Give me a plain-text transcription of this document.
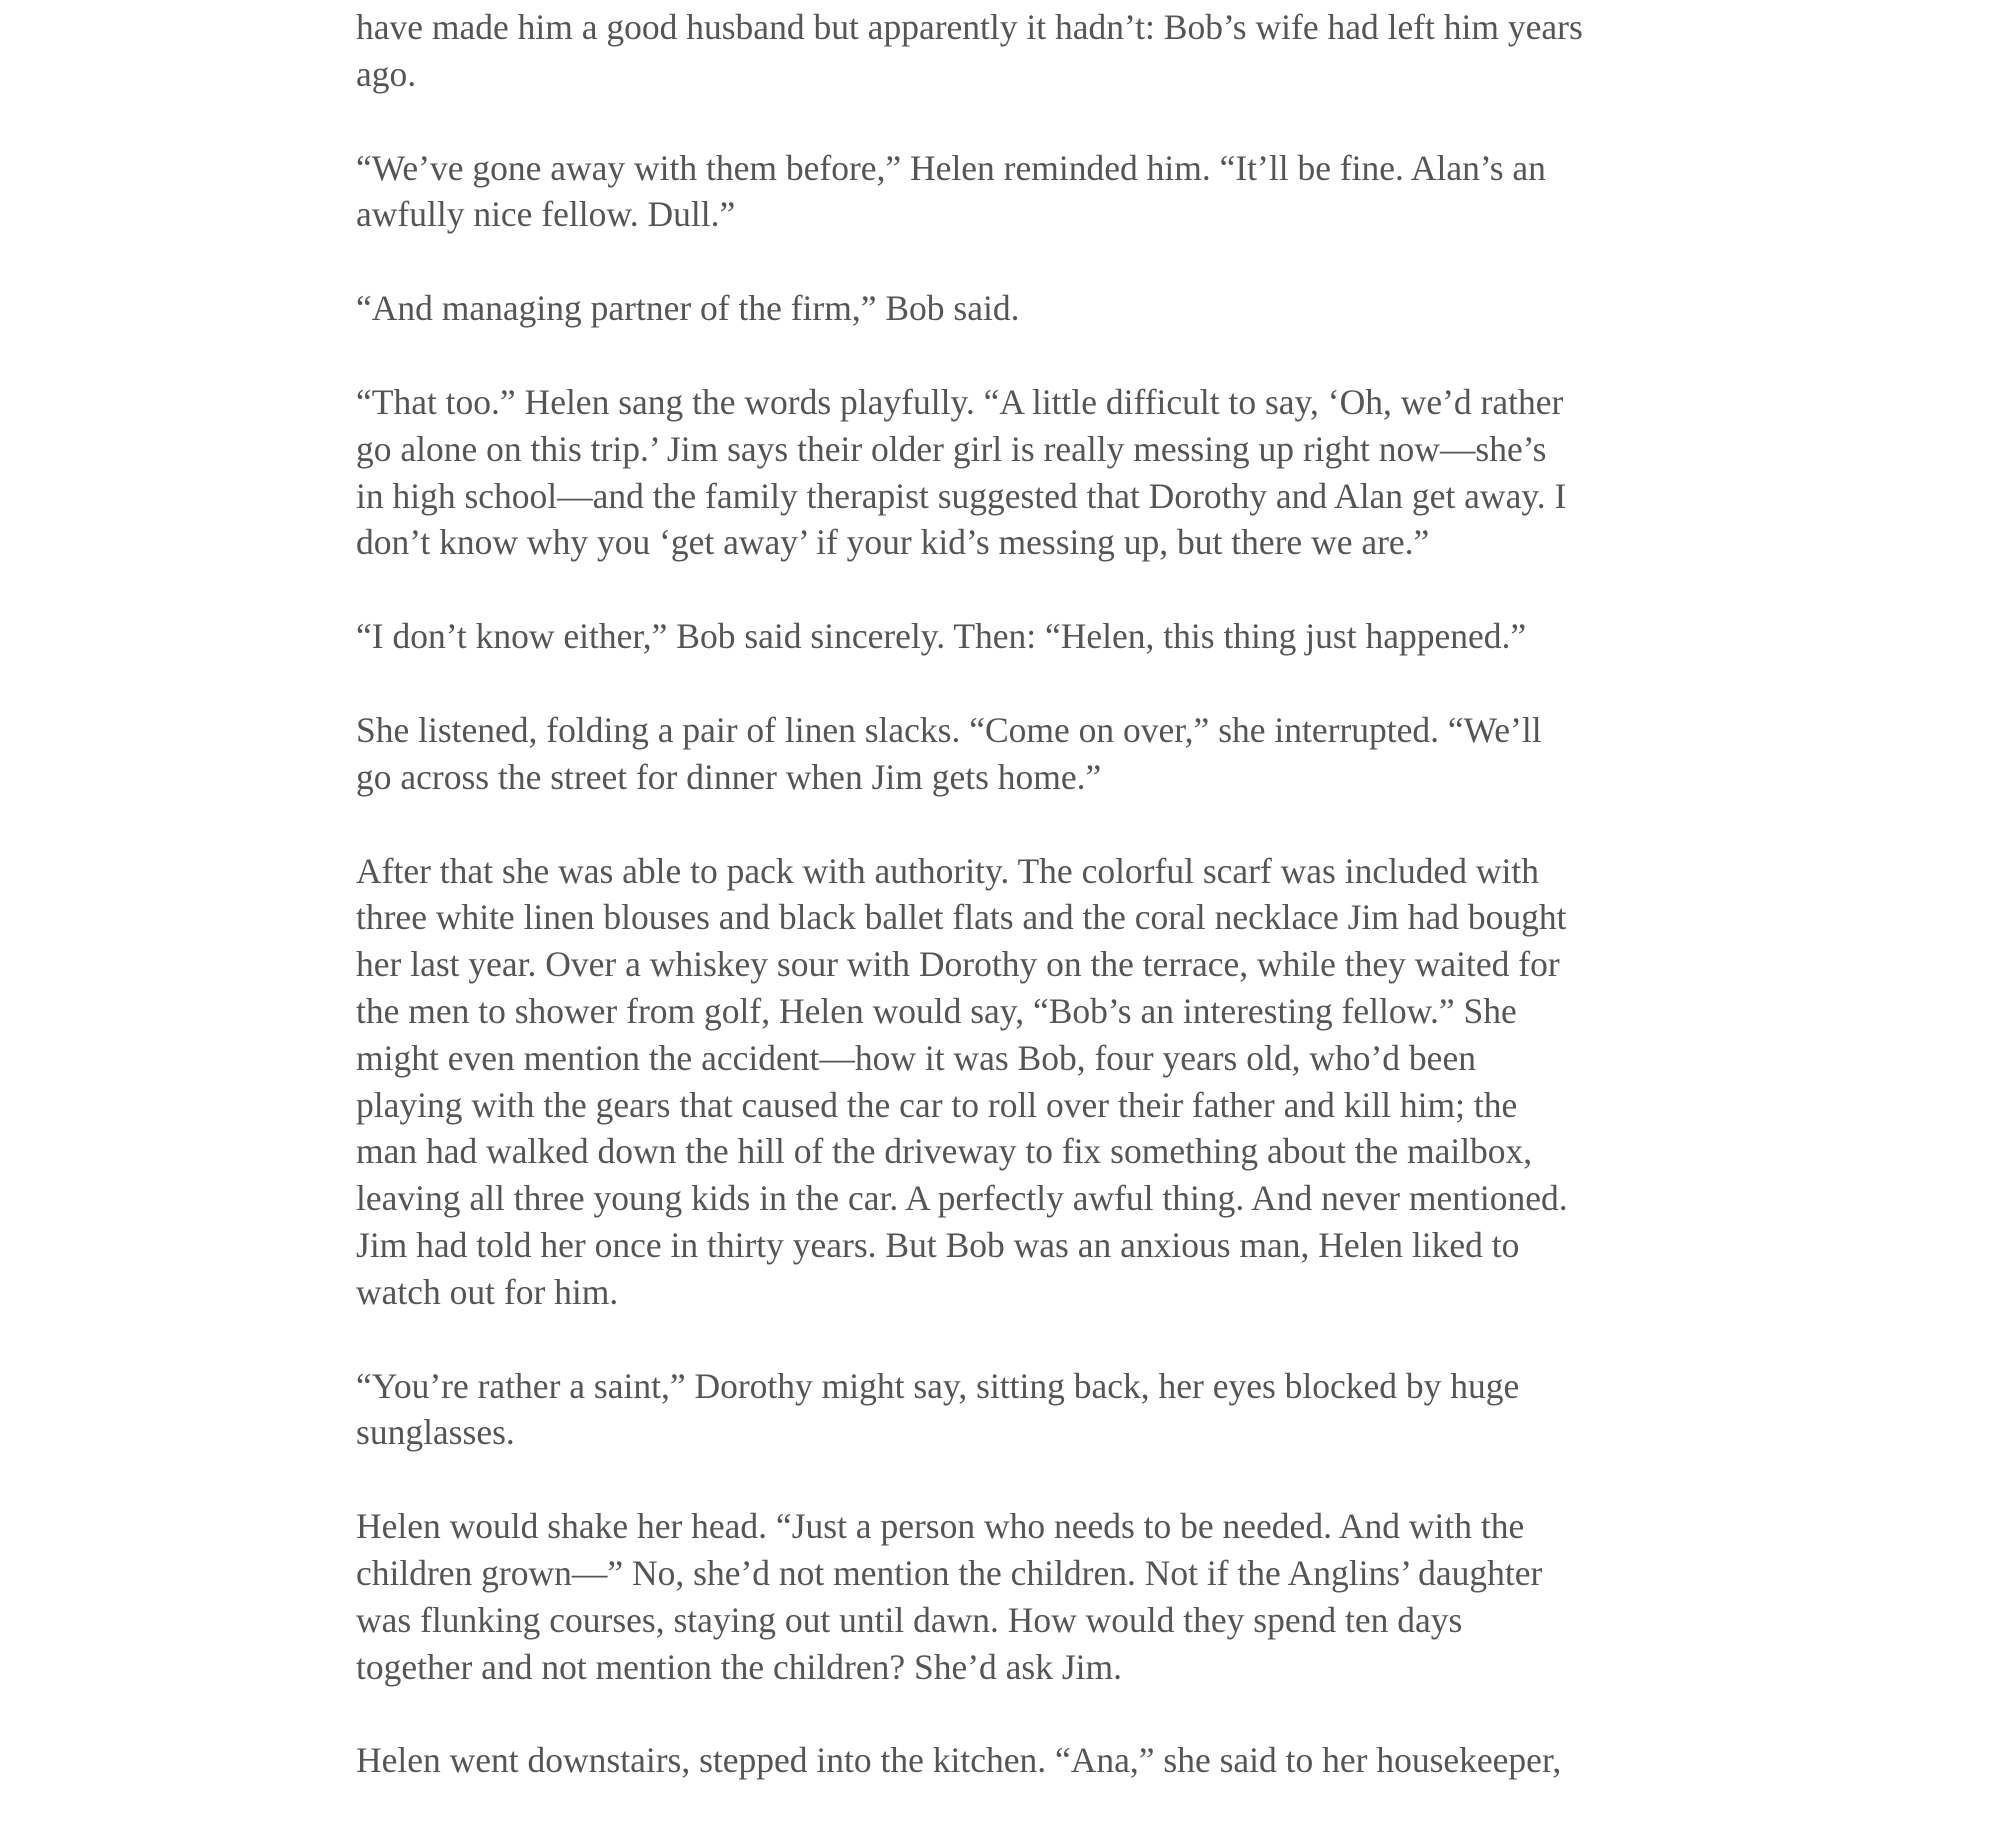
have made him a good husband but apparently it hadn’t: Bob’s wife had left him years
ago.

“We’ve gone away with them before,” Helen reminded him. “It’ll be fine. Alan’s an
awfully nice fellow. Dull.”

“And managing partner of the firm,” Bob said.

“That too.” Helen sang the words playfully. “A little difficult to say, ‘Oh, we’d rather
go alone on this trip.’ Jim says their older girl is really messing up right now—she’s
in high school—and the family therapist suggested that Dorothy and Alan get away. I
don’t know why you ‘get away’ if your kid’s messing up, but there we are.”

“I don’t know either,” Bob said sincerely. Then: “Helen, this thing just happened.”

She listened, folding a pair of linen slacks. “Come on over,” she interrupted. “We’ll
go across the street for dinner when Jim gets home.”

After that she was able to pack with authority. The colorful scarf was included with
three white linen blouses and black ballet flats and the coral necklace Jim had bought
her last year. Over a whiskey sour with Dorothy on the terrace, while they waited for
the men to shower from golf, Helen would say, “Bob’s an interesting fellow.” She
might even mention the accident—how it was Bob, four years old, who’d been
playing with the gears that caused the car to roll over their father and kill him; the
man had walked down the hill of the driveway to fix something about the mailbox,
leaving all three young kids in the car. A perfectly awful thing. And never mentioned.
Jim had told her once in thirty years. But Bob was an anxious man, Helen liked to
watch out for him.

“You’re rather a saint,” Dorothy might say, sitting back, her eyes blocked by huge
sunglasses.

Helen would shake her head. “Just a person who needs to be needed. And with the
children grown—” No, she’d not mention the children. Not if the Anglins’ daughter
was flunking courses, staying out until dawn. How would they spend ten days
together and not mention the children? She’d ask Jim.

Helen went downstairs, stepped into the kitchen. “Ana,” she said to her housekeeper,
